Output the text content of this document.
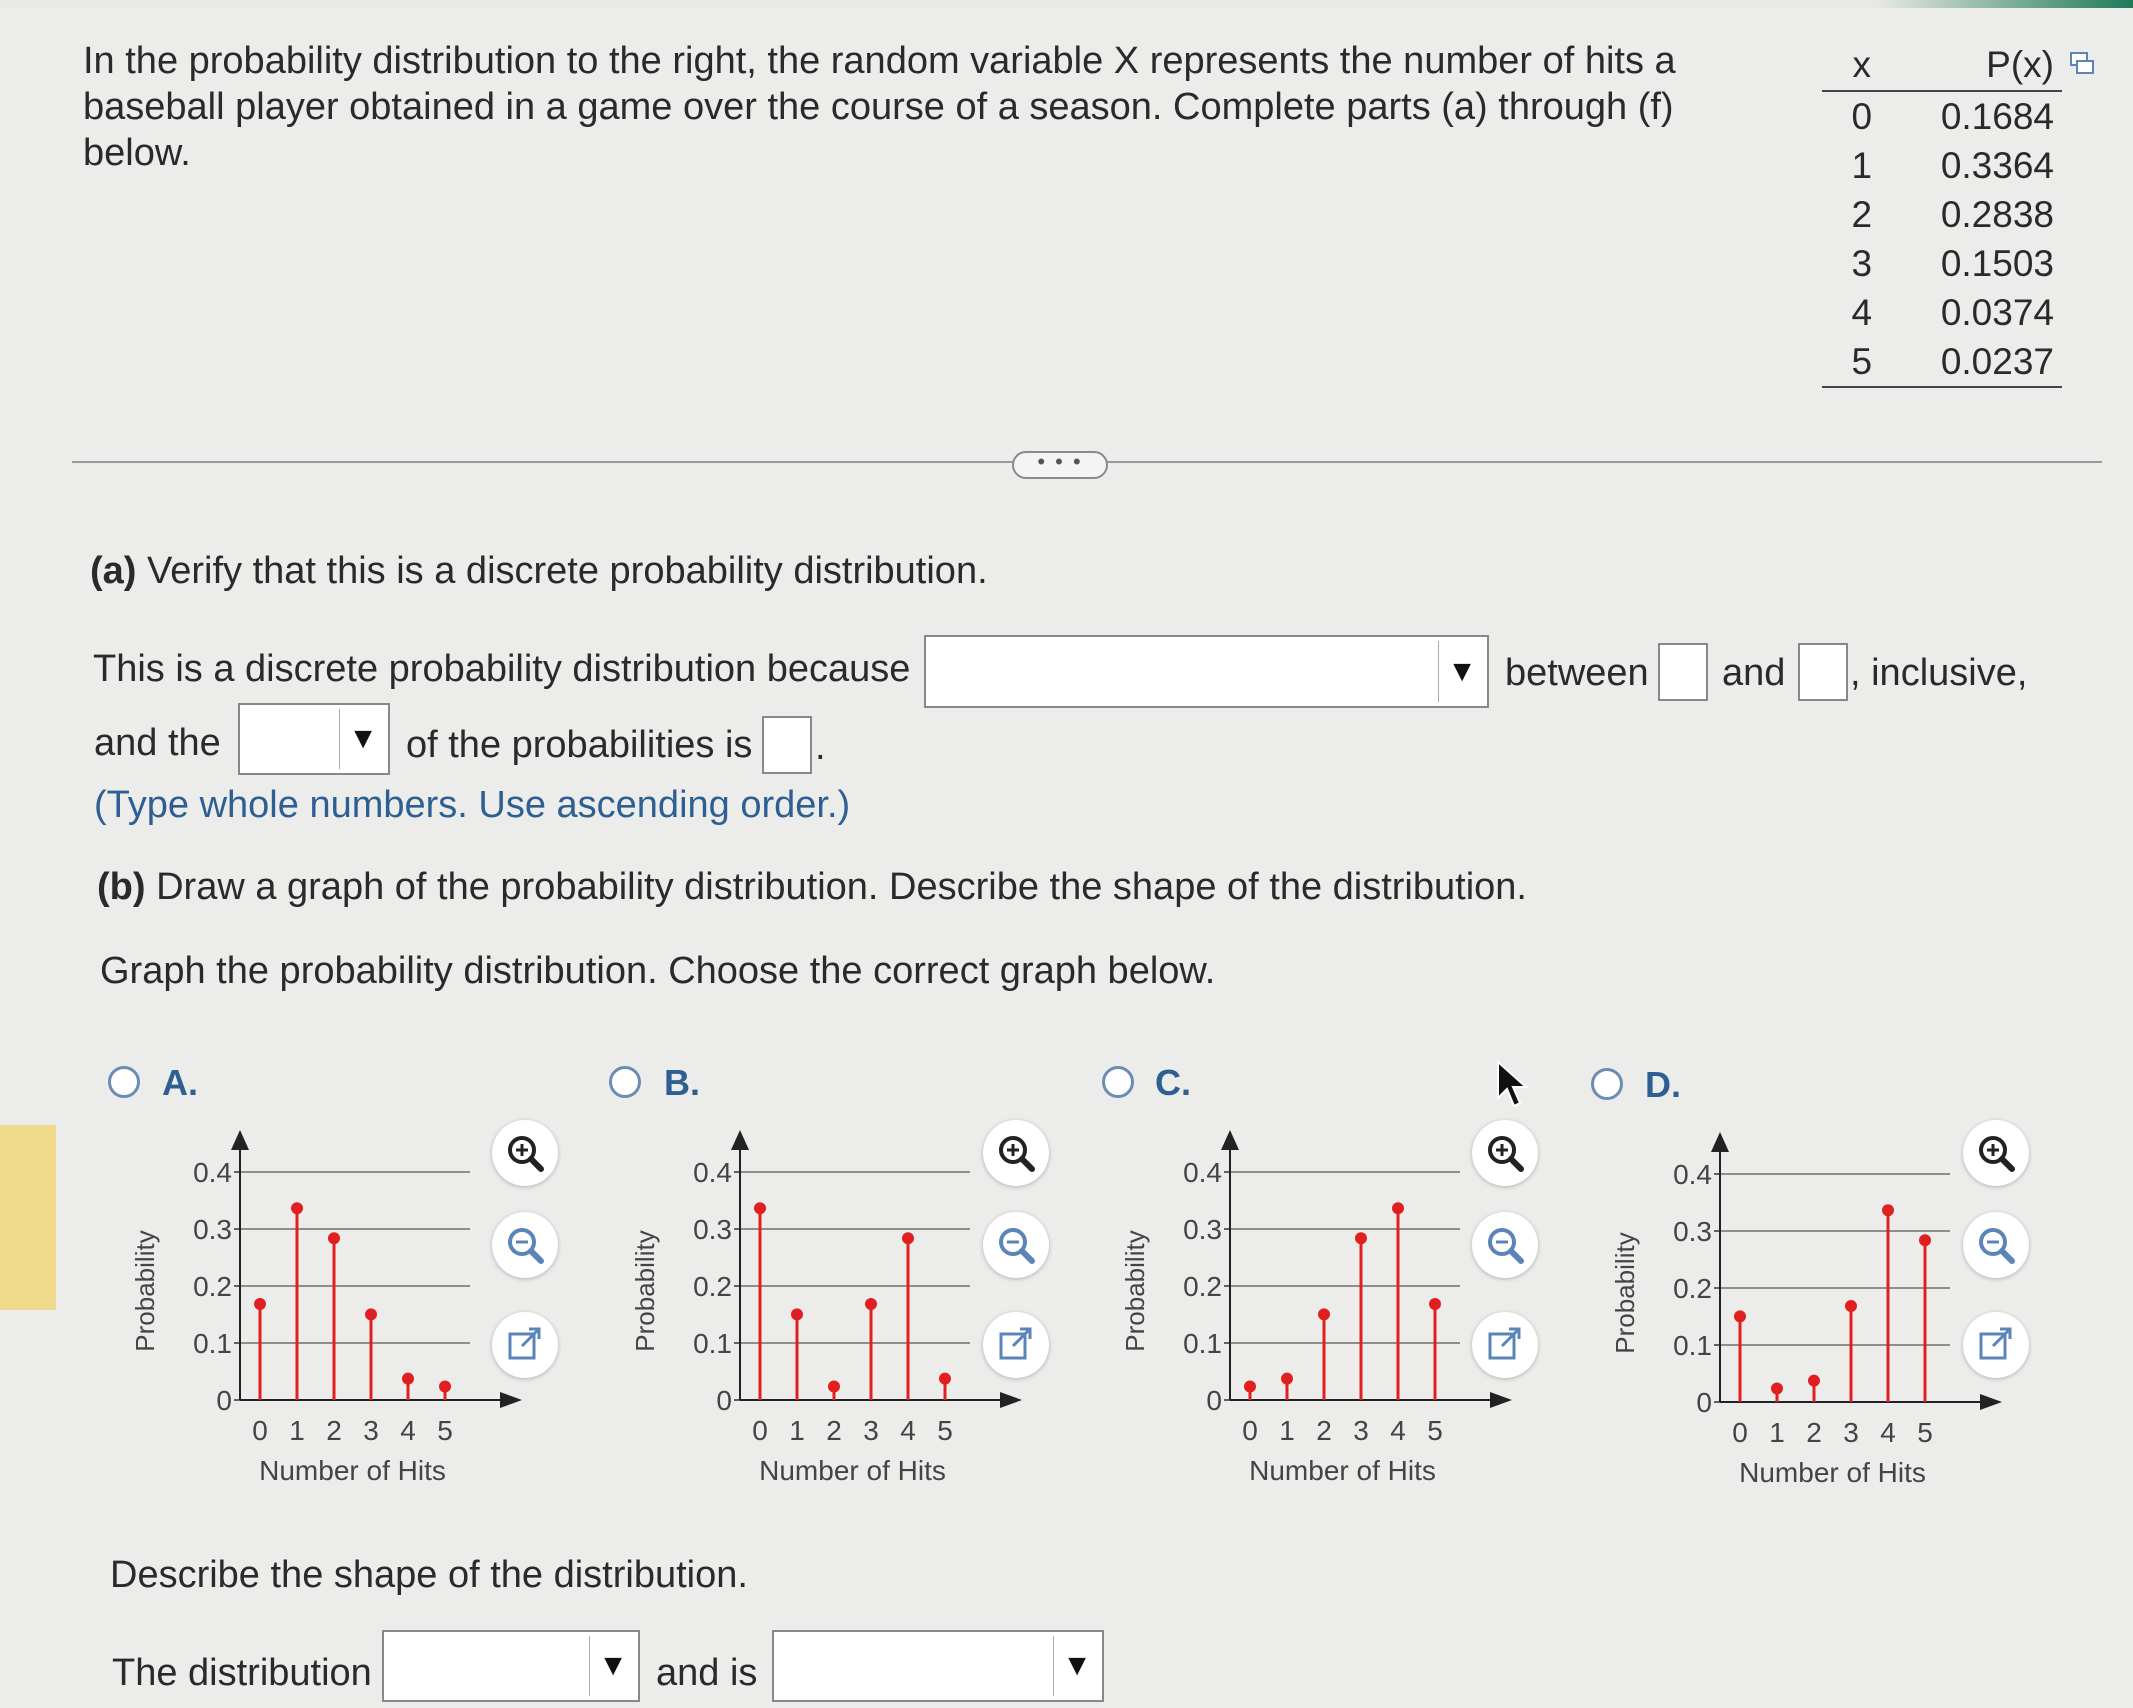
In the probability distribution to the right, the random variable X represents the number of hits a baseball player obtained in a game over the course of a season. Complete parts (a) through (f) below.
x	P(x)
0	0.1684
1	0.3364
2	0.2838
3	0.1503
4	0.0374
5	0.0237
• • •
(a) Verify that this is a discrete probability distribution.
This is a discrete probability distribution because	▼ between and , inclusive,
and the	▼ of the probabilities is .
(Type whole numbers. Use ascending order.)
(b) Draw a graph of the probability distribution. Describe the shape of the distribution.
Graph the probability distribution. Choose the correct graph below.
A.	B.	C.	D.
0
0.1
0.2
0.3
0.4
0 1 2 3 4 5
Number of Hits
Probability
0
0.1
0.2
0.3
0.4
0 1 2 3 4 5
Number of Hits
Probability
0
0.1
0.2
0.3
0.4
0 1 2 3 4 5
Number of Hits
Probability
0
0.1
0.2
0.3
0.4
0 1 2 3 4 5
Number of Hits
Probability
Describe the shape of the distribution.
The distribution	▼ and is	▼
